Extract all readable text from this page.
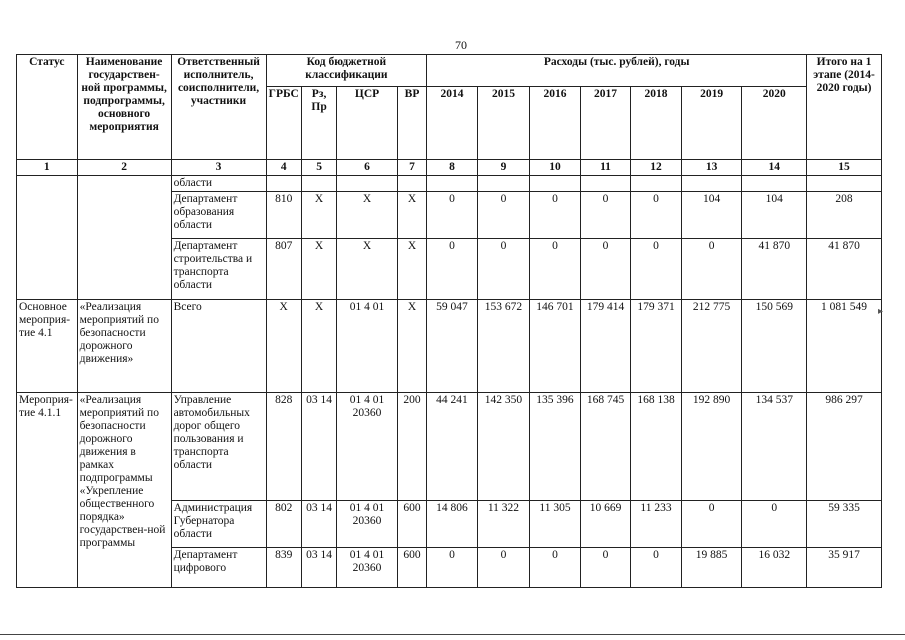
70
Статус	Наименование государствен-ной программы, подпрограммы, основного мероприятия	Ответственный исполнитель, соисполнители, участники	Код бюджетной классификации				Расходы (тыс. рублей), годы							Итого на 1 этапе (2014-2020 годы)
			ГРБС	Рз, Пр	ЦСР	ВР	2014	2015	2016	2017	2018	2019	2020	
1	2	3	4	5	6	7	8	9	10	11	12	13	14	15
		области												
		Департамент образования области	810	Х	Х	Х	0	0	0	0	0	104	104	208
		Департамент строительства и транспорта области	807	Х	Х	Х	0	0	0	0	0	0	41 870	41 870
Основное мероприя-тие 4.1	«Реализация мероприятий по безопасности дорожного движения»	Всего	Х	Х	01 4 01	Х	59 047	153 672	146 701	179 414	179 371	212 775	150 569	1 081 549
Мероприя-тие 4.1.1	«Реализация мероприятий по безопасности дорожного движения в рамках подпрограммы «Укрепление общественного порядка» государствен-ной программы	Управление автомобильных дорог общего пользования и транспорта области	828	03 14	01 4 01 20360	200	44 241	142 350	135 396	168 745	168 138	192 890	134 537	986 297
		Администрация Губернатора области	802	03 14	01 4 01 20360	600	14 806	11 322	11 305	10 669	11 233	0	0	59 335
		Департамент цифрового	839	03 14	01 4 01 20360	600	0	0	0	0	0	19 885	16 032	35 917
▸
